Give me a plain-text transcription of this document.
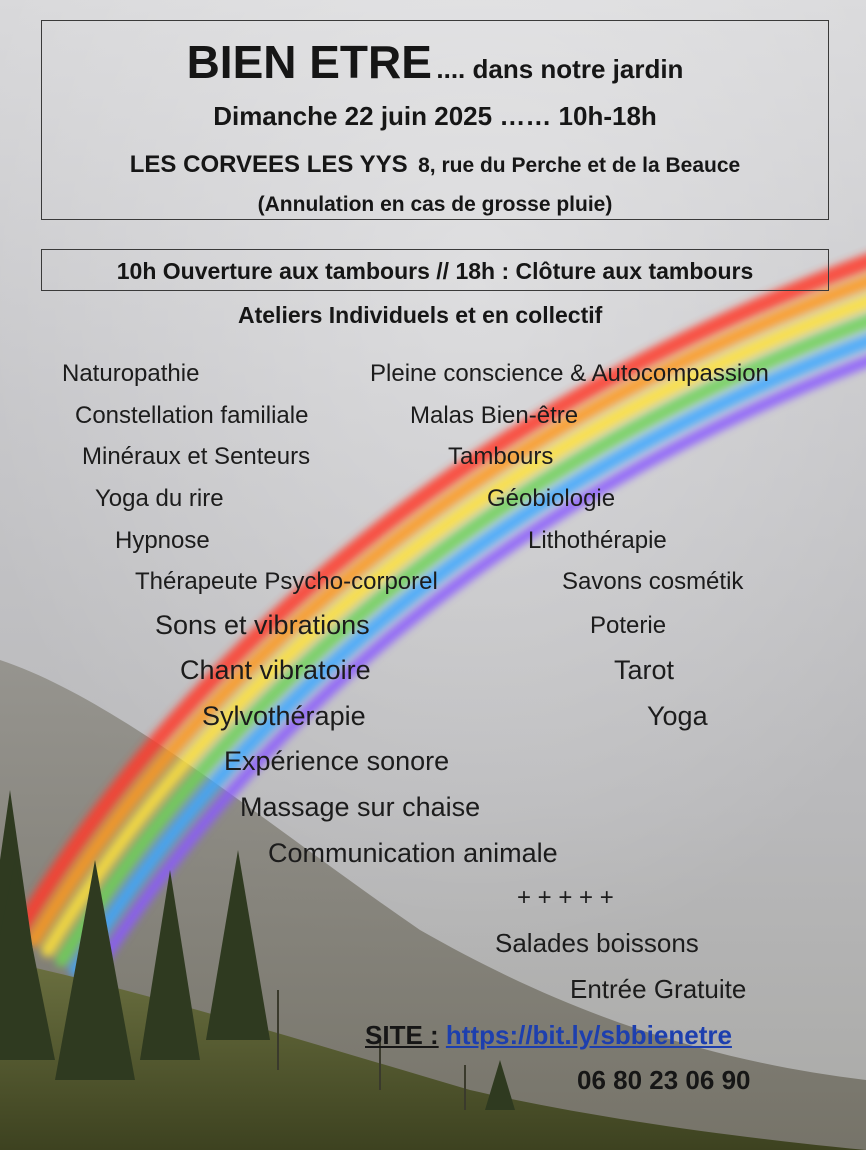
BIEN ETRE .... dans notre jardin
Dimanche 22 juin 2025 …… 10h-18h
LES CORVEES LES YYS 8, rue du Perche et de la Beauce
(Annulation en cas de grosse pluie)
10h Ouverture aux tambours // 18h : Clôture aux tambours
Ateliers Individuels et en collectif
Naturopathie
Constellation familiale
Minéraux et Senteurs
Yoga du rire
Hypnose
Thérapeute Psycho-corporel
Sons et vibrations
Chant vibratoire
Sylvothérapie
Expérience sonore
Massage sur chaise
Communication animale
Pleine conscience & Autocompassion
Malas Bien-être
Tambours
Géobiologie
Lithothérapie
Savons cosmétik
Poterie
Tarot
Yoga
+ + + + +
Salades boissons
Entrée Gratuite
SITE : https://bit.ly/sbbienetre
06 80 23 06 90
